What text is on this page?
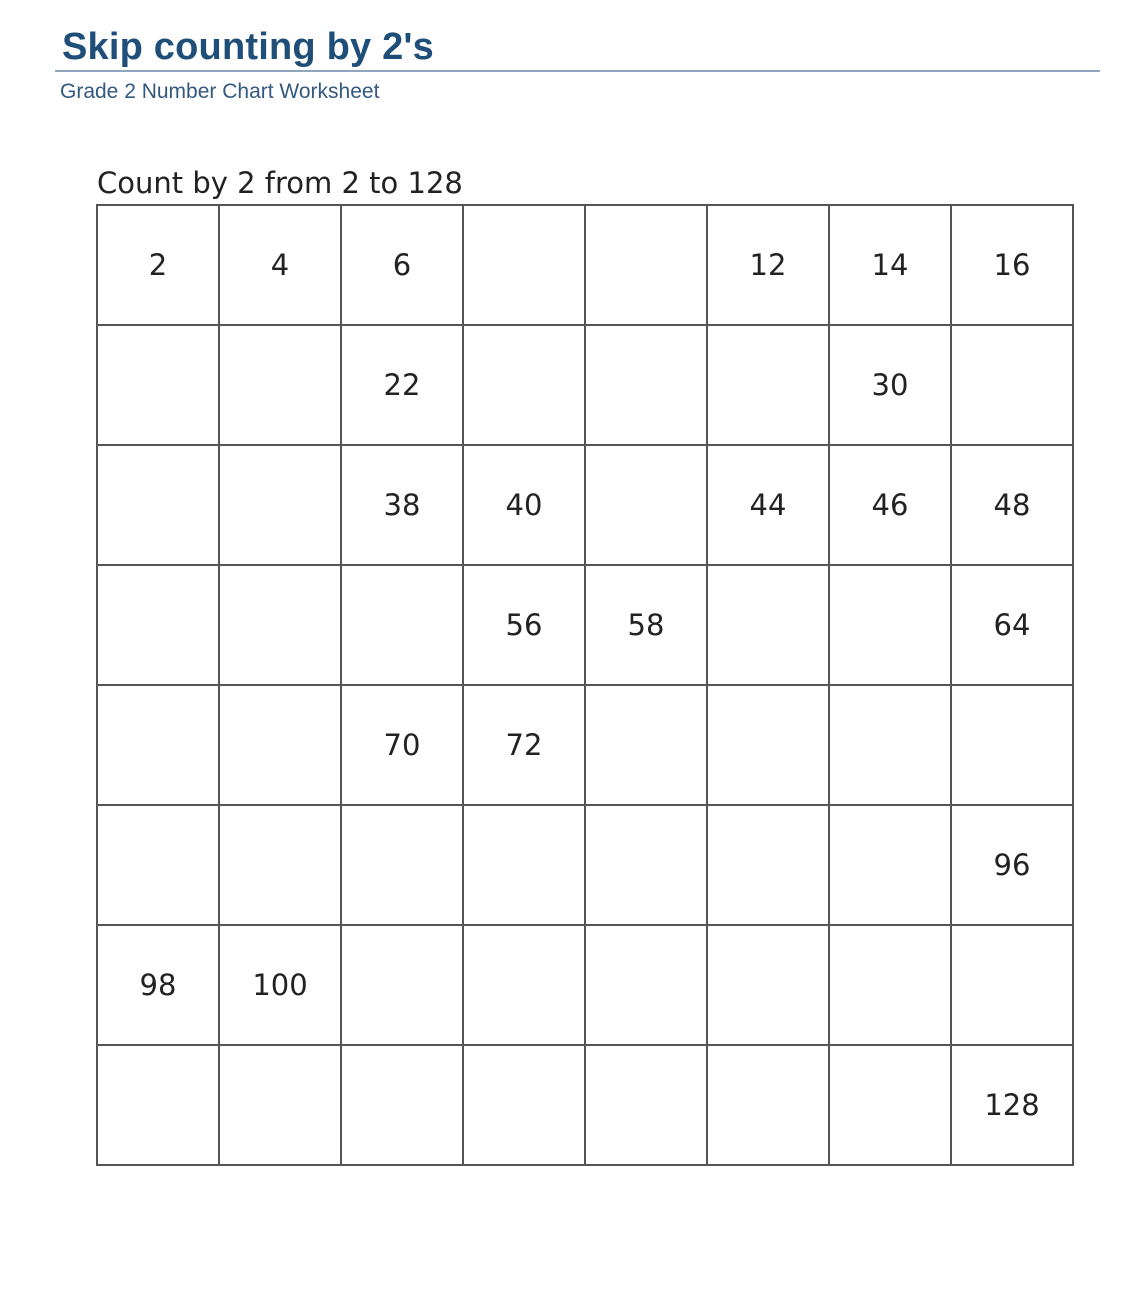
Skip counting by 2's

Grade 2 Number Chart Worksheet

Count by 2 from 2 to 128

2	4	6			12	14	16
		22				30	
		38	40		44	46	48
			56	58			64
		70	72				
							96
98	100						
							128
